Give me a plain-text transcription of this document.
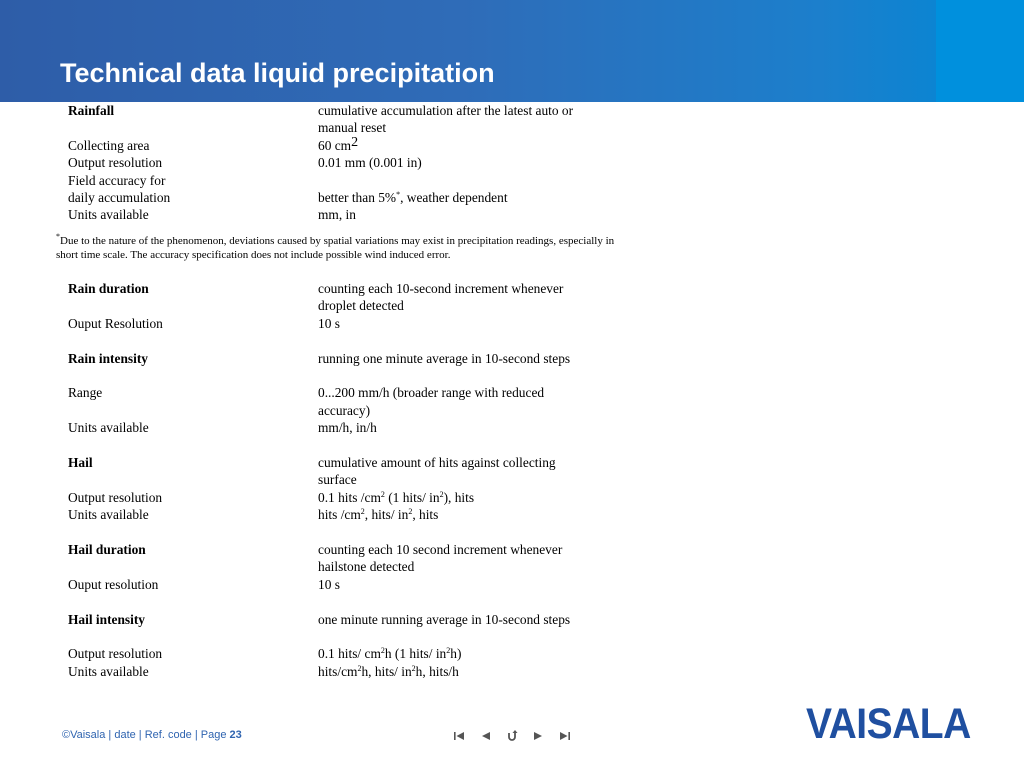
Technical data liquid precipitation
Rainfall	cumulative accumulation after the latest auto or
manual reset
Collecting area	60 cm2
Output resolution	0.01 mm (0.001 in)
Field accuracy for
daily accumulation	better than 5%*, weather dependent
Units available	mm, in
*Due to the nature of the phenomenon, deviations caused by spatial variations may exist in precipitation readings, especially in short time scale. The accuracy specification does not include possible wind induced error.
Rain duration	counting each 10-second increment whenever
droplet detected
Ouput Resolution	10 s
Rain intensity	running one minute average in 10-second steps
Range	0...200 mm/h (broader range with reduced
accuracy)
Units available	mm/h, in/h
Hail	cumulative amount of hits against collecting
surface
Output resolution	0.1 hits $/cm^2$ (1 hits/ $in^2$), hits
Units available	hits $/cm^2$, hits/ $in^2$, hits
Hail duration	counting each 10 second increment whenever
hailstone detected
Ouput resolution	10 s
Hail intensity	one minute running average in 10-second steps
Output resolution	0.1 hits/ $cm^2h$ (1 hits/ $in^2h$)
Units available	hits/$cm^2h$, hits/ $in^2h$, hits/h
©Vaisala | date | Ref. code | Page 23	VAISALA
